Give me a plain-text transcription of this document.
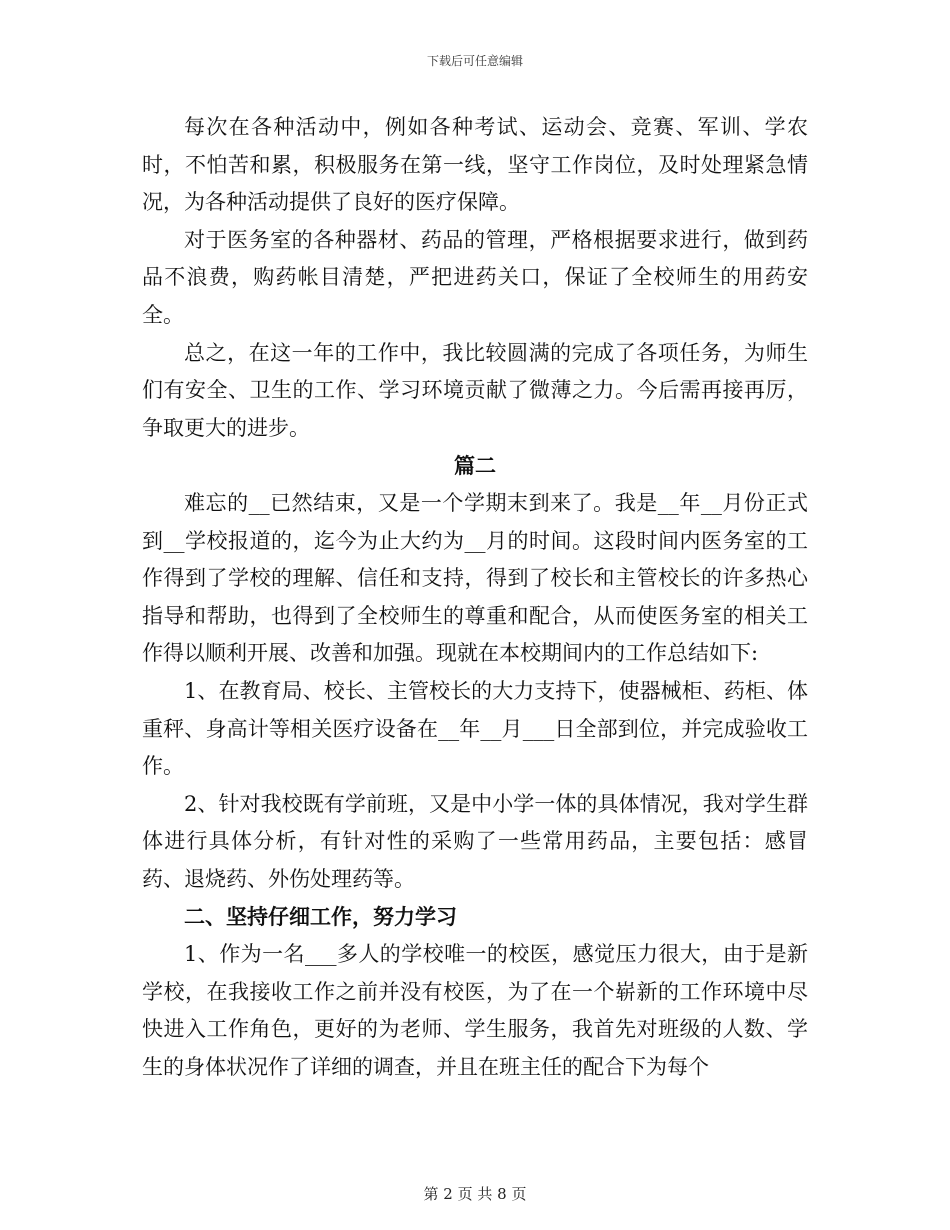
下载后可任意编辑

每次在各种活动中，例如各种考试、运动会、竞赛、军训、学农时，不怕苦和累，积极服务在第一线，坚守工作岗位，及时处理紧急情况，为各种活动提供了良好的医疗保障。

对于医务室的各种器材、药品的管理，严格根据要求进行，做到药品不浪费，购药帐目清楚，严把进药关口，保证了全校师生的用药安全。

总之，在这一年的工作中，我比较圆满的完成了各项任务，为师生们有安全、卫生的工作、学习环境贡献了微薄之力。今后需再接再厉，争取更大的进步。

篇二

难忘的__已然结束，又是一个学期末到来了。我是__年__月份正式到__学校报道的，迄今为止大约为__月的时间。这段时间内医务室的工作得到了学校的理解、信任和支持，得到了校长和主管校长的许多热心指导和帮助，也得到了全校师生的尊重和配合，从而使医务室的相关工作得以顺利开展、改善和加强。现就在本校期间内的工作总结如下:

1、在教育局、校长、主管校长的大力支持下，使器械柜、药柜、体重秤、身高计等相关医疗设备在__年__月___日全部到位，并完成验收工作。

2、针对我校既有学前班，又是中小学一体的具体情况，我对学生群体进行具体分析，有针对性的采购了一些常用药品，主要包括：感冒药、退烧药、外伤处理药等。

二、坚持仔细工作，努力学习

1、作为一名___多人的学校唯一的校医，感觉压力很大，由于是新学校，在我接收工作之前并没有校医，为了在一个崭新的工作环境中尽快进入工作角色，更好的为老师、学生服务，我首先对班级的人数、学生的身体状况作了详细的调查，并且在班主任的配合下为每个

第 2 页 共 8 页
